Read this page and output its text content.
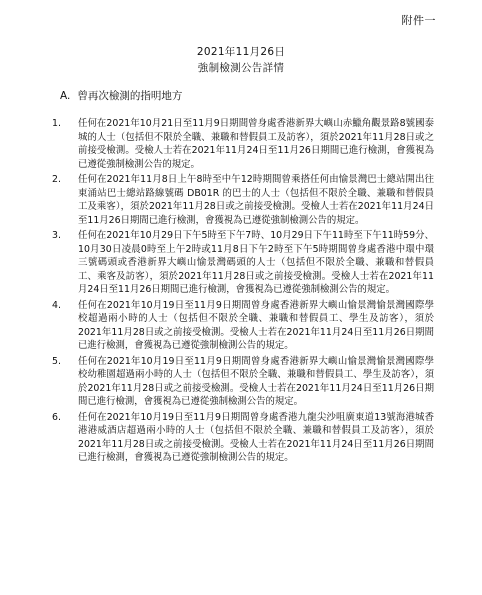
附件一
2021年11月26日
強制檢測公告詳情
A. 曾再次檢測的指明地方
1. 任何在2021年10月21日至11月9日期間曾身處香港新界大嶼山赤鱲角觀景路8號國泰城的人士（包括但不限於全職、兼職和替假員工及訪客），須於2021年11月28日或之前接受檢測。受檢人士若在2021年11月24日至11月26日期間已進行檢測，會獲視為已遵從強制檢測公告的規定。
2. 任何在2021年11月8日上午8時至中午12時期間曾乘搭任何由愉景灣巴士總站開出往東涌站巴士總站路線號碼 DB01R 的巴士的人士（包括但不限於全職、兼職和替假員工及乘客），須於2021年11月28日或之前接受檢測。受檢人士若在2021年11月24日至11月26日期間已進行檢測，會獲視為已遵從強制檢測公告的規定。
3. 任何在2021年10月29日下午5時至下午7時、10月29日下午11時至下午11時59分、10月30日凌晨0時至上午2時或11月8日下午2時至下午5時期間曾身處香港中環中環三號碼頭或香港新界大嶼山愉景灣碼頭的人士（包括但不限於全職、兼職和替假員工、乘客及訪客），須於2021年11月28日或之前接受檢測。受檢人士若在2021年11月24日至11月26日期間已進行檢測，會獲視為已遵從強制檢測公告的規定。
4. 任何在2021年10月19日至11月9日期間曾身處香港新界大嶼山愉景灣愉景灣國際學校超過兩小時的人士（包括但不限於全職、兼職和替假員工、學生及訪客），須於2021年11月28日或之前接受檢測。受檢人士若在2021年11月24日至11月26日期間已進行檢測，會獲視為已遵從強制檢測公告的規定。
5. 任何在2021年10月19日至11月9日期間曾身處香港新界大嶼山愉景灣愉景灣國際學校幼稚園超過兩小時的人士（包括但不限於全職、兼職和替假員工、學生及訪客），須於2021年11月28日或之前接受檢測。受檢人士若在2021年11月24日至11月26日期間已進行檢測，會獲視為已遵從強制檢測公告的規定。
6. 任何在2021年10月19日至11月9日期間曾身處香港九龍尖沙咀廣東道13號海港城香港港威酒店超過兩小時的人士（包括但不限於全職、兼職和替假員工及訪客），須於2021年11月28日或之前接受檢測。受檢人士若在2021年11月24日至11月26日期間已進行檢測，會獲視為已遵從強制檢測公告的規定。
